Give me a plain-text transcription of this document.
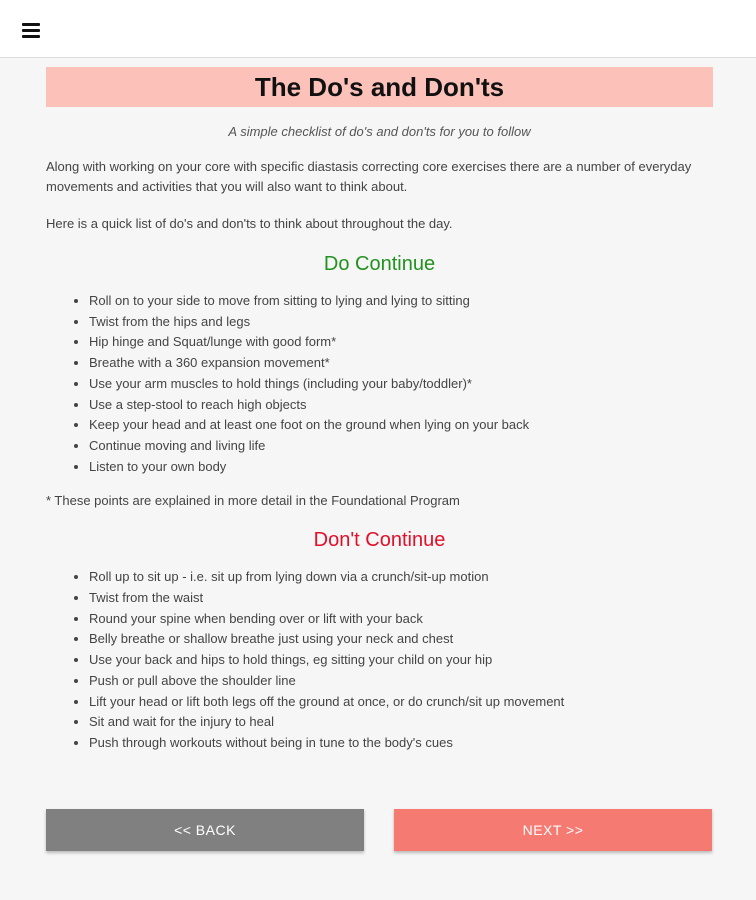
The Do's and Don'ts

A simple checklist of do's and don'ts for you to follow

Along with working on your core with specific diastasis correcting core exercises there are a number of everyday movements and activities that you will also want to think about.

Here is a quick list of do's and don'ts to think about throughout the day.

Do Continue
• Roll on to your side to move from sitting to lying and lying to sitting
• Twist from the hips and legs
• Hip hinge and Squat/lunge with good form*
• Breathe with a 360 expansion movement*
• Use your arm muscles to hold things (including your baby/toddler)*
• Use a step-stool to reach high objects
• Keep your head and at least one foot on the ground when lying on your back
• Continue moving and living life
• Listen to your own body

* These points are explained in more detail in the Foundational Program

Don't Continue
• Roll up to sit up - i.e. sit up from lying down via a crunch/sit-up motion
• Twist from the waist
• Round your spine when bending over or lift with your back
• Belly breathe or shallow breathe just using your neck and chest
• Use your back and hips to hold things, eg sitting your child on your hip
• Push or pull above the shoulder line
• Lift your head or lift both legs off the ground at once, or do crunch/sit up movement
• Sit and wait for the injury to heal
• Push through workouts without being in tune to the body's cues
<< BACK	NEXT >>
